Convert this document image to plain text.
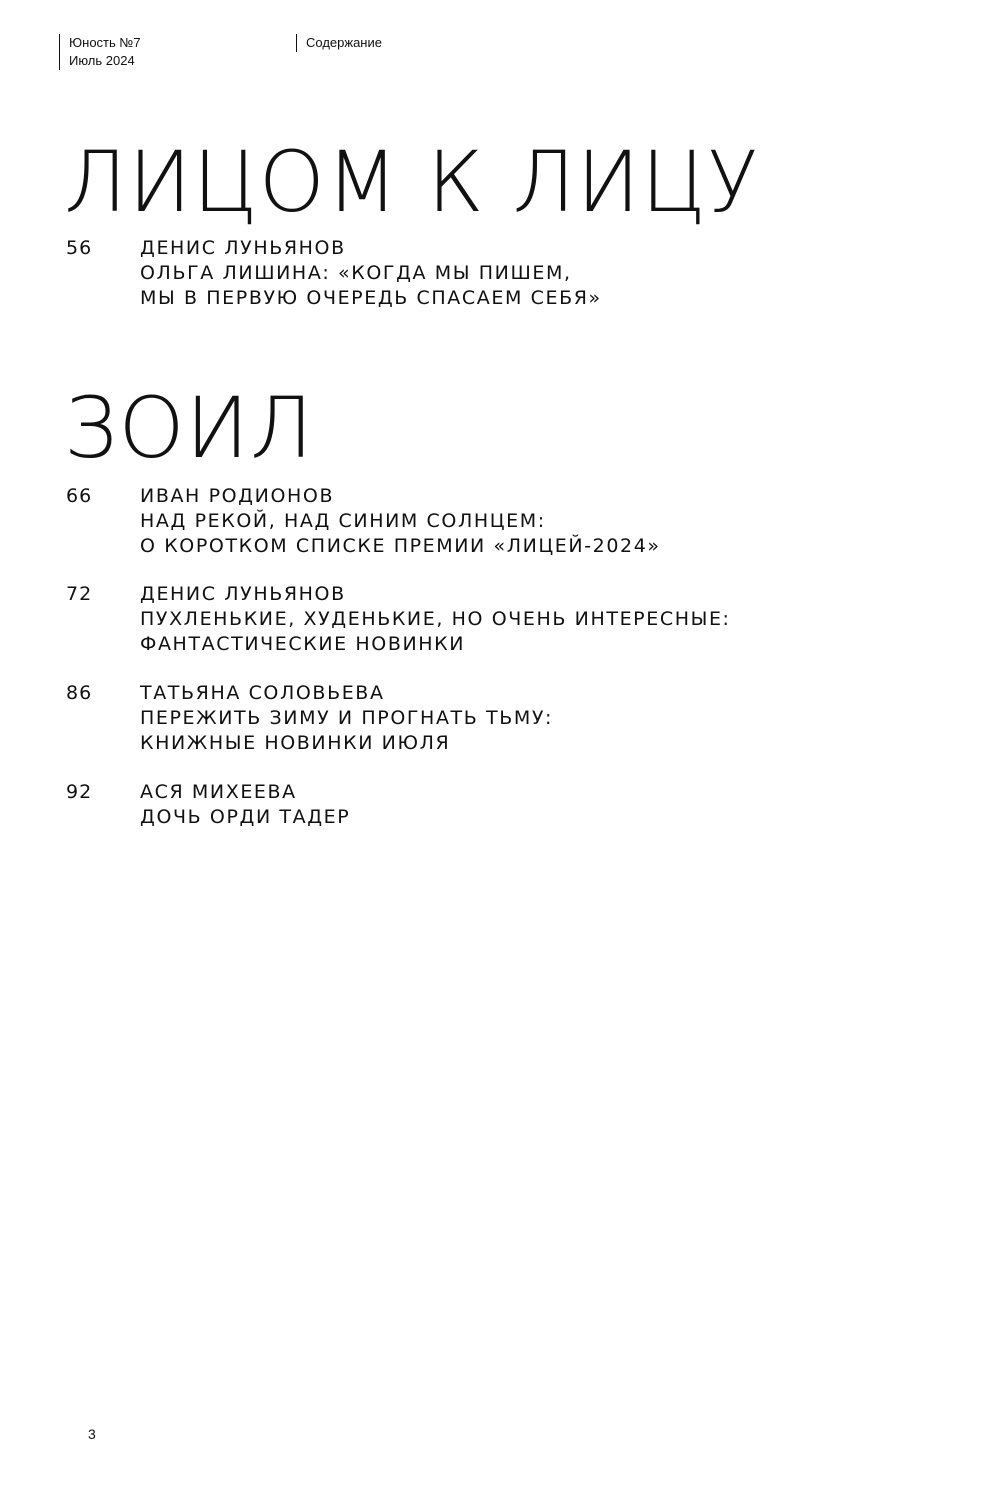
Юность №7
Июль 2024
Содержание
ЛИЦОМ К ЛИЦУ
56	ДЕНИС ЛУНЬЯНОВ
ОЛЬГА ЛИШИНА: «КОГДА МЫ ПИШЕМ,
МЫ В ПЕРВУЮ ОЧЕРЕДЬ СПАСАЕМ СЕБЯ»
ЗОИЛ
66	ИВАН РОДИОНОВ
НАД РЕКОЙ, НАД СИНИМ СОЛНЦЕМ:
О КОРОТКОМ СПИСКЕ ПРЕМИИ «ЛИЦЕЙ-2024»
72	ДЕНИС ЛУНЬЯНОВ
ПУХЛЕНЬКИЕ, ХУДЕНЬКИЕ, НО ОЧЕНЬ ИНТЕРЕСНЫЕ:
ФАНТАСТИЧЕСКИЕ НОВИНКИ
86	ТАТЬЯНА СОЛОВЬЕВА
ПЕРЕЖИТЬ ЗИМУ И ПРОГНАТЬ ТЬМУ:
КНИЖНЫЕ НОВИНКИ ИЮЛЯ
92	АСЯ МИХЕЕВА
ДОЧЬ ОРДИ ТАДЕР
3
